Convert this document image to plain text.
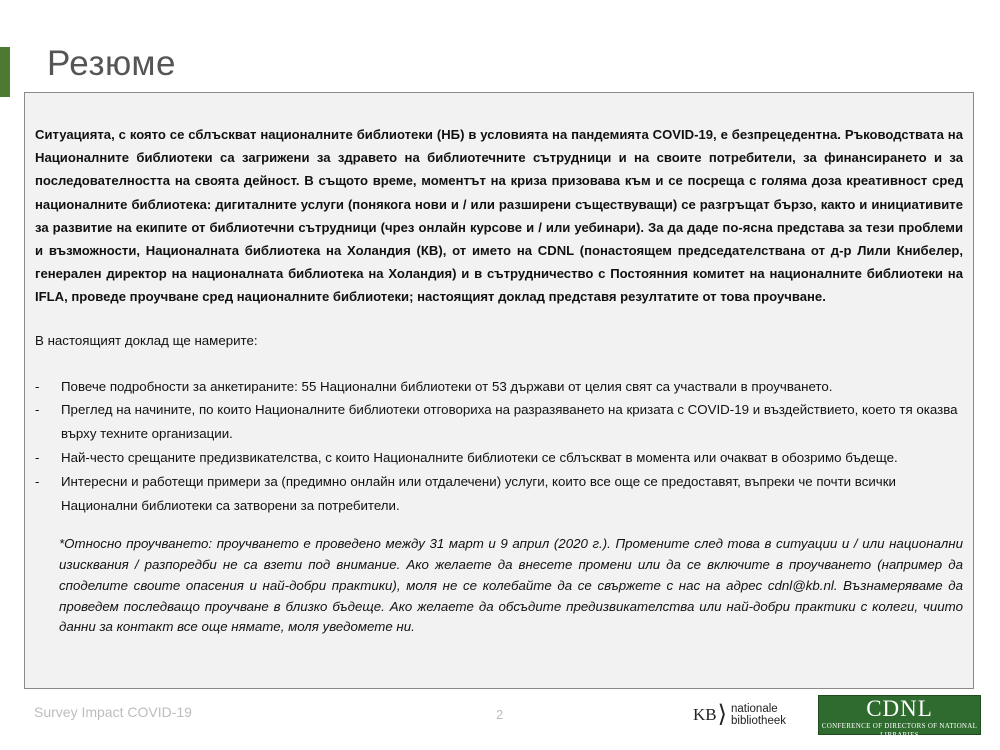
Резюме

Ситуацията, с която се сблъскват националните библиотеки (НБ) в условията на пандемията COVID-19, е безпрецедентна. Ръководствата на Националните библиотеки са загрижени за здравето на библиотечните сътрудници и на своите потребители, за финансирането и за последователността на своята дейност. В същото време, моментът на криза призовава към и се посреща с голяма доза креативност сред националните библиотека: дигиталните услуги (понякога нови и / или разширени съществуващи) се разгръщат бързо, както и инициативите за развитие на екипите от библиотечни сътрудници (чрез онлайн курсове и / или уебинари). За да даде по-ясна представа за тези проблеми и възможности, Националната библиотека на Холандия (КВ), от името на CDNL (понастоящем председателствана от д-р Лили Книбелер, генерален директор на националната библиотека на Холандия) и в сътрудничество с Постоянния комитет на националните библиотеки на IFLA, проведе проучване сред националните библиотеки; настоящият доклад представя резултатите от това проучване.

В настоящият доклад ще намерите:

- Повече подробности за анкетираните: 55 Национални библиотеки от 53 държави от целия свят са участвали в проучването.
- Преглед на начините, по които Националните библиотеки отговориха на разразяването на кризата с COVID-19 и въздействието, което тя оказва върху техните организации.
- Най-често срещаните предизвикателства, с които Националните библиотеки се сблъскват в момента или очакват в обозримо бъдеще.
- Интересни и работещи примери за (предимно онлайн или отдалечени) услуги, които все още се предоставят, въпреки че почти всички Национални библиотеки са затворени за потребители.

*Относно проучването: проучването е проведено между 31 март и 9 април (2020 г.). Промените след това в ситуации и / или национални изисквания / разпоредби не са взети под внимание. Ако желаете да внесете промени или да се включите в проучването (например да споделите своите опасения и най-добри практики), моля не се колебайте да се свържете с нас на адрес cdnl@kb.nl. Възнамеряваме да проведем последващо проучване в близко бъдеще. Ако желаете да обсъдите предизвикателства или най-добри практики с колеги, чиито данни за контакт все още нямате, моля уведомете ни.

Survey Impact COVID-19	2	KB ⟩ nationale
bibliotheek	CDNL
CONFERENCE OF DIRECTORS OF NATIONAL LIBRARIES
